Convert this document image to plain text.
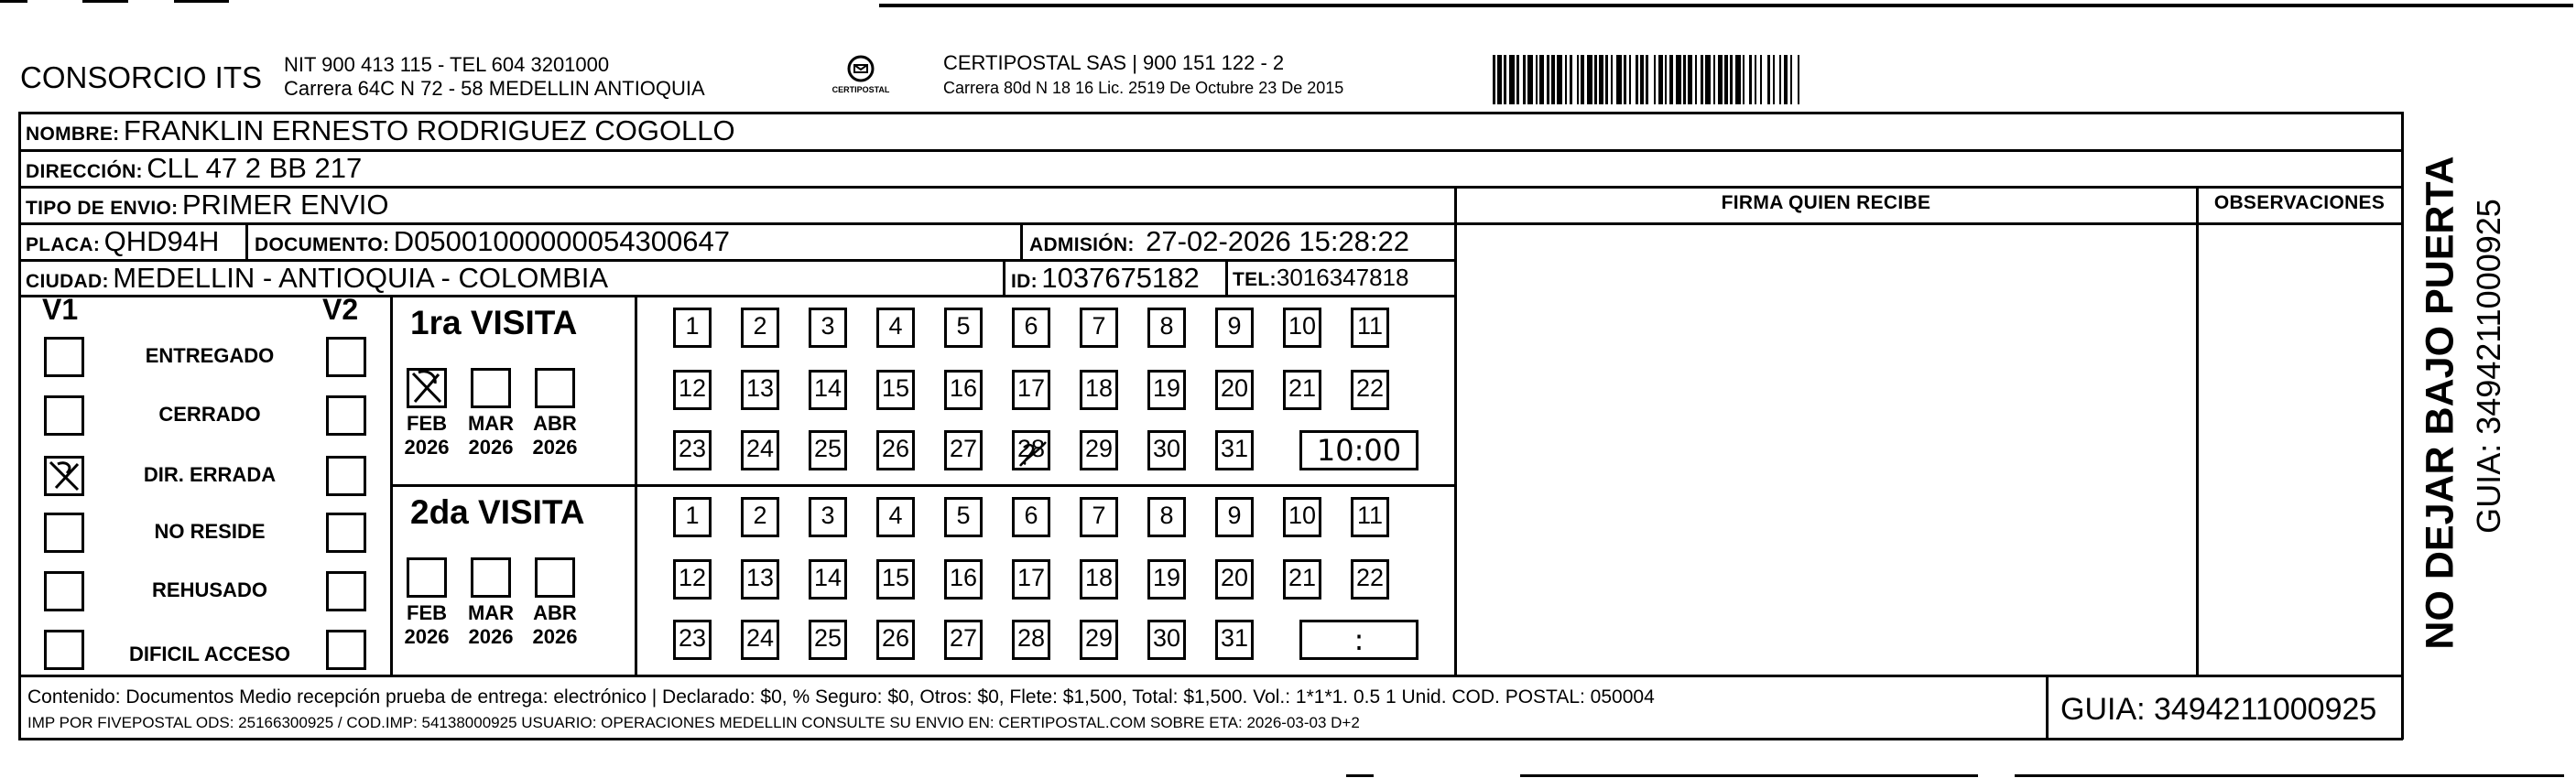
CONSORCIO ITS NIT 900 413 115 - TEL 604 3201000
Carrera 64C N 72 - 58 MEDELLIN ANTIOQUIA	CERTIPOSTAL
CERTIPOSTAL SAS | 900 151 122 - 2
Carrera 80d N 18 16 Lic. 2519 De Octubre 23 De 2015
NOMBRE: FRANKLIN ERNESTO RODRIGUEZ COGOLLO
DIRECCIÓN: CLL 47 2 BB 217
TIPO DE ENVIO: PRIMER ENVIO	FIRMA QUIEN RECIBE	OBSERVACIONES
PLACA: QHD94H DOCUMENTO: D05001000000054300647	ADMISIÓN: 27-02-2026 15:28:22
CIUDAD: MEDELLIN - ANTIOQUIA - COLOMBIA	ID: 1037675182 TEL:3016347818
V1	V2
ENTREGADO
CERRADO
DIR. ERRADA
NO RESIDE
REHUSADO
DIFICIL ACCESO
1ra VISITA
FEB
2026
MAR
2026
ABR
2026
1	2	3	4	5	6	7	8	9	10 11
12 13 14 15 16 17 18 19 20 21 22
23 24 25 26 27 28 29 30 31	10:00
2da VISITA
FEB
2026
MAR
2026
ABR
2026
1	2	3	4	5	6	7	8	9	10 11
12 13 14 15 16 17 18 19 20 21 22
23 24 25 26 27 28 29 30 31	:
Contenido: Documentos Medio recepción prueba de entrega: electrónico | Declarado: $0, % Seguro: $0, Otros: $0, Flete: $1,500, Total: $1,500. Vol.: 1*1*1. 0.5 1 Unid. COD. POSTAL: 050004
IMP POR FIVEPOSTAL ODS: 25166300925 / COD.IMP: 54138000925 USUARIO: OPERACIONES MEDELLIN CONSULTE SU ENVIO EN: CERTIPOSTAL.COM SOBRE ETA: 2026-03-03 D+2	GUIA: 3494211000925
NO DEJAR BAJO PUERTA GUIA: 3494211000925
